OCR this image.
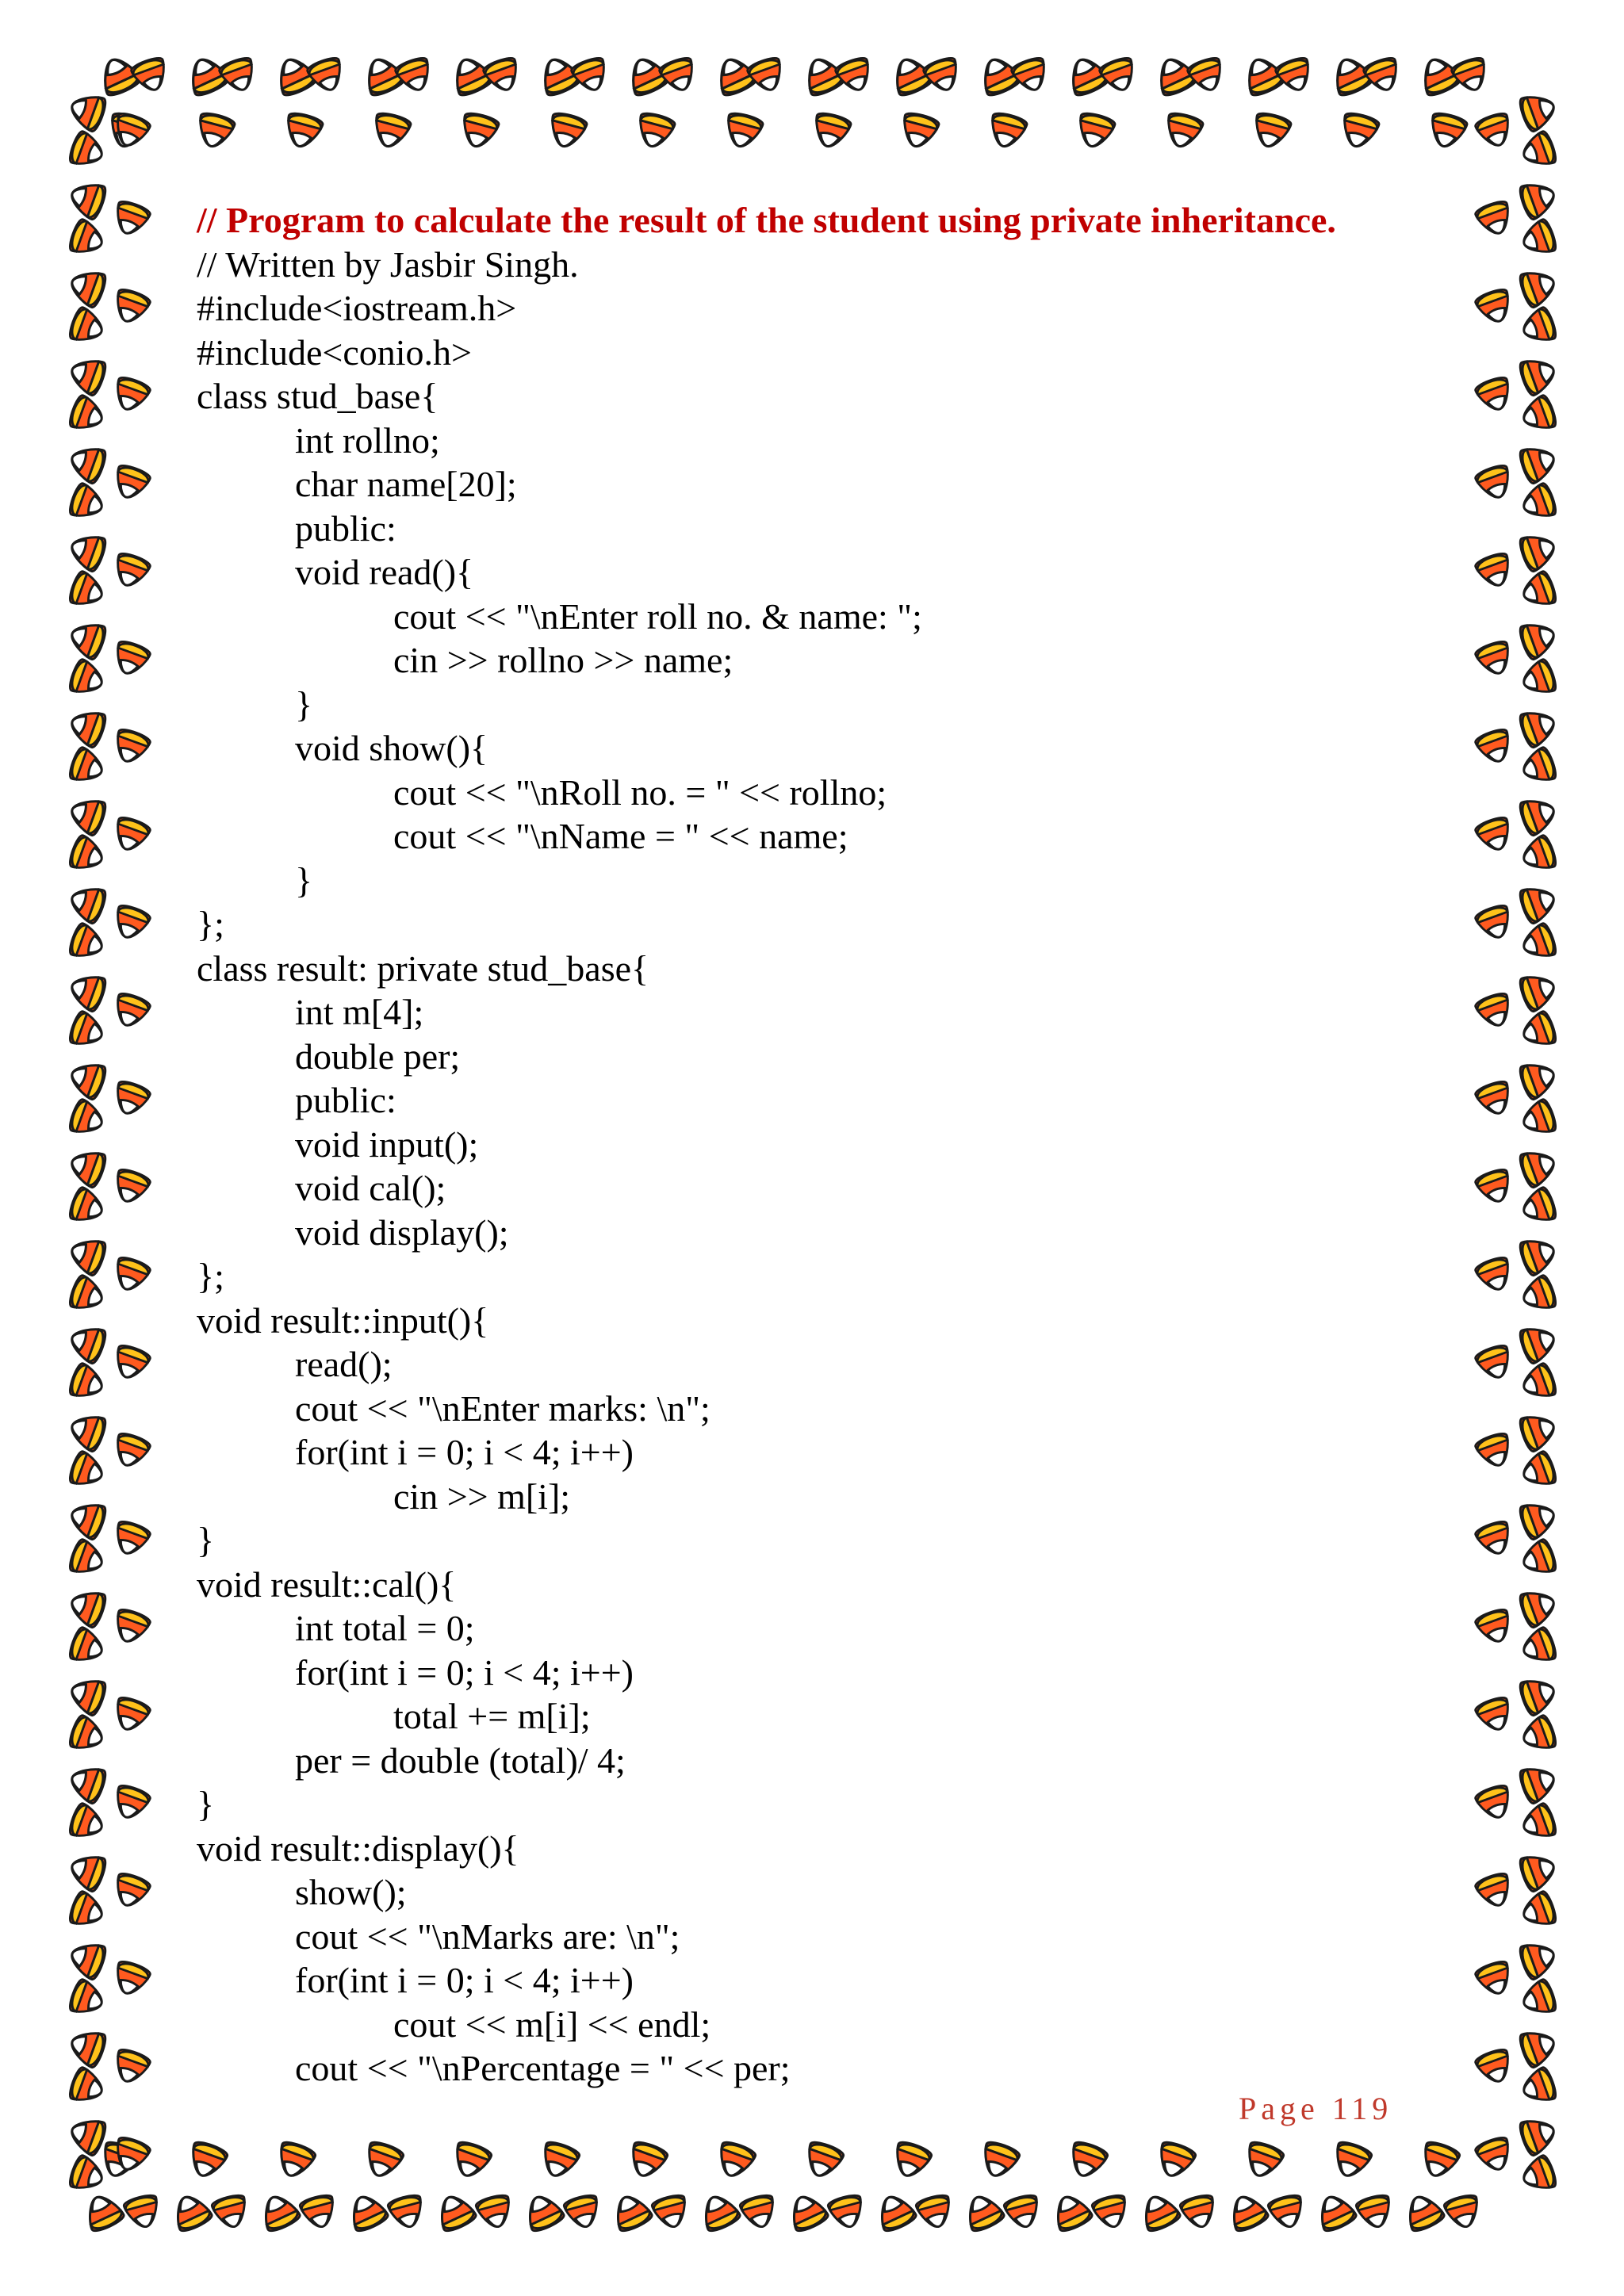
// Program to calculate the result of the student using private inheritance.
// Written by Jasbir Singh.
#include<iostream.h>
#include<conio.h>
class stud_base{
int rollno;
char name[20];
public:
void read(){
cout << "\nEnter roll no. & name: ";
cin >> rollno >> name;
}
void show(){
cout << "\nRoll no. = " << rollno;
cout << "\nName = " << name;
}
};
class result: private stud_base{
int m[4];
double per;
public:
void input();
void cal();
void display();
};
void result::input(){
read();
cout << "\nEnter marks: \n";
for(int i = 0; i < 4; i++)
cin >> m[i];
}
void result::cal(){
int total = 0;
for(int i = 0; i < 4; i++)
total += m[i];
per = double (total)/ 4;
}
void result::display(){
show();
cout << "\nMarks are: \n";
for(int i = 0; i < 4; i++)
cout << m[i] << endl;
cout << "\nPercentage = " << per;
Page 119
